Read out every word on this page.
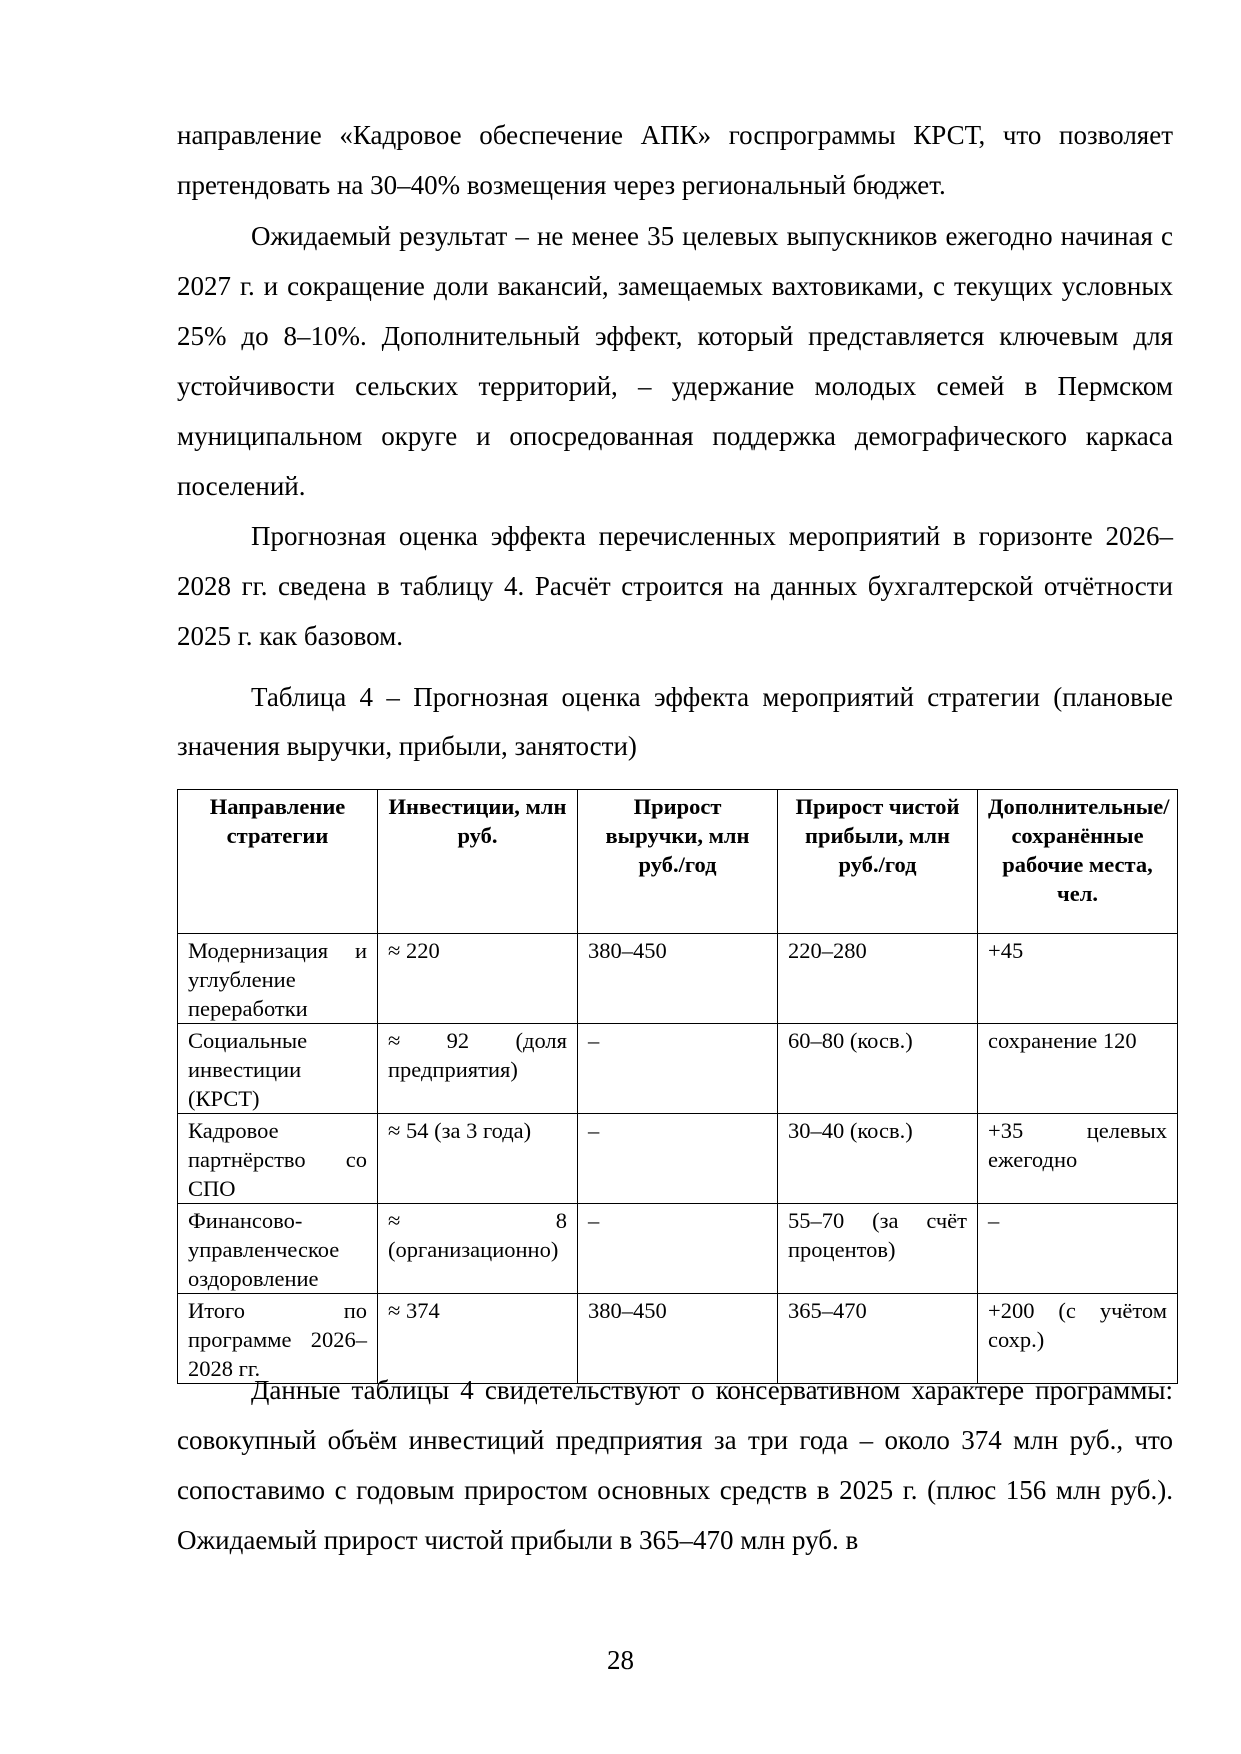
направление «Кадровое обеспечение АПК» госпрограммы КРСТ, что позволяет претендовать на 30–40% возмещения через региональный бюджет.

Ожидаемый результат – не менее 35 целевых выпускников ежегодно начиная с 2027 г. и сокращение доли вакансий, замещаемых вахтовиками, с текущих условных 25% до 8–10%. Дополнительный эффект, который представляется ключевым для устойчивости сельских территорий, – удержание молодых семей в Пермском муниципальном округе и опосредованная поддержка демографического каркаса поселений.

Прогнозная оценка эффекта перечисленных мероприятий в горизонте 2026–2028 гг. сведена в таблицу 4. Расчёт строится на данных бухгалтерской отчётности 2025 г. как базовом.

Таблица 4 – Прогнозная оценка эффекта мероприятий стратегии (плановые значения выручки, прибыли, занятости)

Направление стратегии	Инвестиции, млн руб.	Прирост выручки, млн руб./год	Прирост чистой прибыли, млн руб./год	Дополнительные/ сохранённые рабочие места, чел.
Модернизация и углубление переработки	≈ 220	380–450	220–280	+45
Социальные инвестиции (КРСТ)	≈ 92 (доля предприятия)	–	60–80 (косв.)	сохранение 120
Кадровое партнёрство со СПО	≈ 54 (за 3 года)	–	30–40 (косв.)	+35 целевых ежегодно
Финансово-управленческое оздоровление	≈ 8 (организационно)	–	55–70 (за счёт процентов)	–
Итого по программе 2026–2028 гг.	≈ 374	380–450	365–470	+200 (с учётом сохр.)

Данные таблицы 4 свидетельствуют о консервативном характере программы: совокупный объём инвестиций предприятия за три года – около 374 млн руб., что сопоставимо с годовым приростом основных средств в 2025 г. (плюс 156 млн руб.). Ожидаемый прирост чистой прибыли в 365–470 млн руб. в

28
